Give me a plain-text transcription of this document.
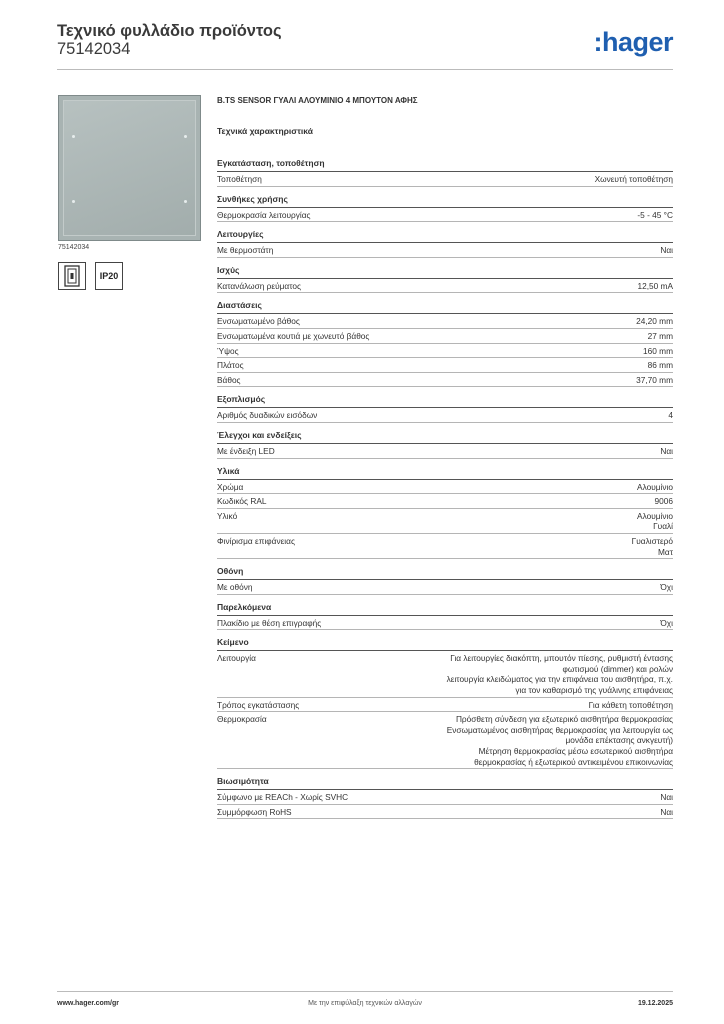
Τεχνικό φυλλάδιο προϊόντος
75142034	:hager
75142034
IP20
B.TS SENSOR ΓΥΑΛΙ ΑΛΟΥΜΙΝΙΟ 4 ΜΠΟΥΤΟΝ ΑΦΗΣ
Τεχνικά χαρακτηριστικά
Εγκατάσταση, τοποθέτηση
Τοποθέτηση	Χωνευτή τοποθέτηση
Συνθήκες χρήσης
Θερμοκρασία λειτουργίας	-5 - 45 °C
Λειτουργίες
Με θερμοστάτη	Ναι
Ισχύς
Κατανάλωση ρεύματος	12,50 mA
Διαστάσεις
Ενσωματωμένο βάθος	24,20 mm
Ενσωματωμένα κουτιά με χωνευτό βάθος	27 mm
Ύψος	160 mm
Πλάτος	86 mm
Βάθος	37,70 mm
Εξοπλισμός
Αριθμός δυαδικών εισόδων	4
Έλεγχοι και ενδείξεις
Με ένδειξη LED	Ναι
Υλικά
Χρώμα	Αλουμίνιο
Κωδικός RAL	9006
Υλικό	Αλουμίνιο
Γυαλί
Φινίρισμα επιφάνειας	Γυαλιστερό
Ματ
Οθόνη
Με οθόνη	Όχι
Παρελκόμενα
Πλακίδιο με θέση επιγραφής	Όχι
Κείμενο
Λειτουργία	Για λειτουργίες διακόπτη, μπουτόν πίεσης, ρυθμιστή έντασης
φωτισμού (dimmer) και ρολών
λειτουργία κλειδώματος για την επιφάνεια του αισθητήρα, π.χ.
για τον καθαρισμό της γυάλινης επιφάνειας
Τρόπος εγκατάστασης	Για κάθετη τοποθέτηση
Θερμοκρασία	Πρόσθετη σύνδεση για εξωτερικό αισθητήρα θερμοκρασίας
Ενσωματωμένος αισθητήρας θερμοκρασίας για λειτουργία ως
μονάδα επέκτασης ανκγευτή)
Μέτρηση θερμοκρασίας μέσω εσωτερικού αισθητήρα
θερμοκρασίας ή εξωτερικού αντικειμένου επικοινωνίας
Βιωσιμότητα
Σύμφωνο με REACh - Χωρίς SVHC	Ναι
Συμμόρφωση RoHS	Ναι
www.hager.com/gr	Με την επιφύλαξη τεχνικών αλλαγών	19.12.2025
